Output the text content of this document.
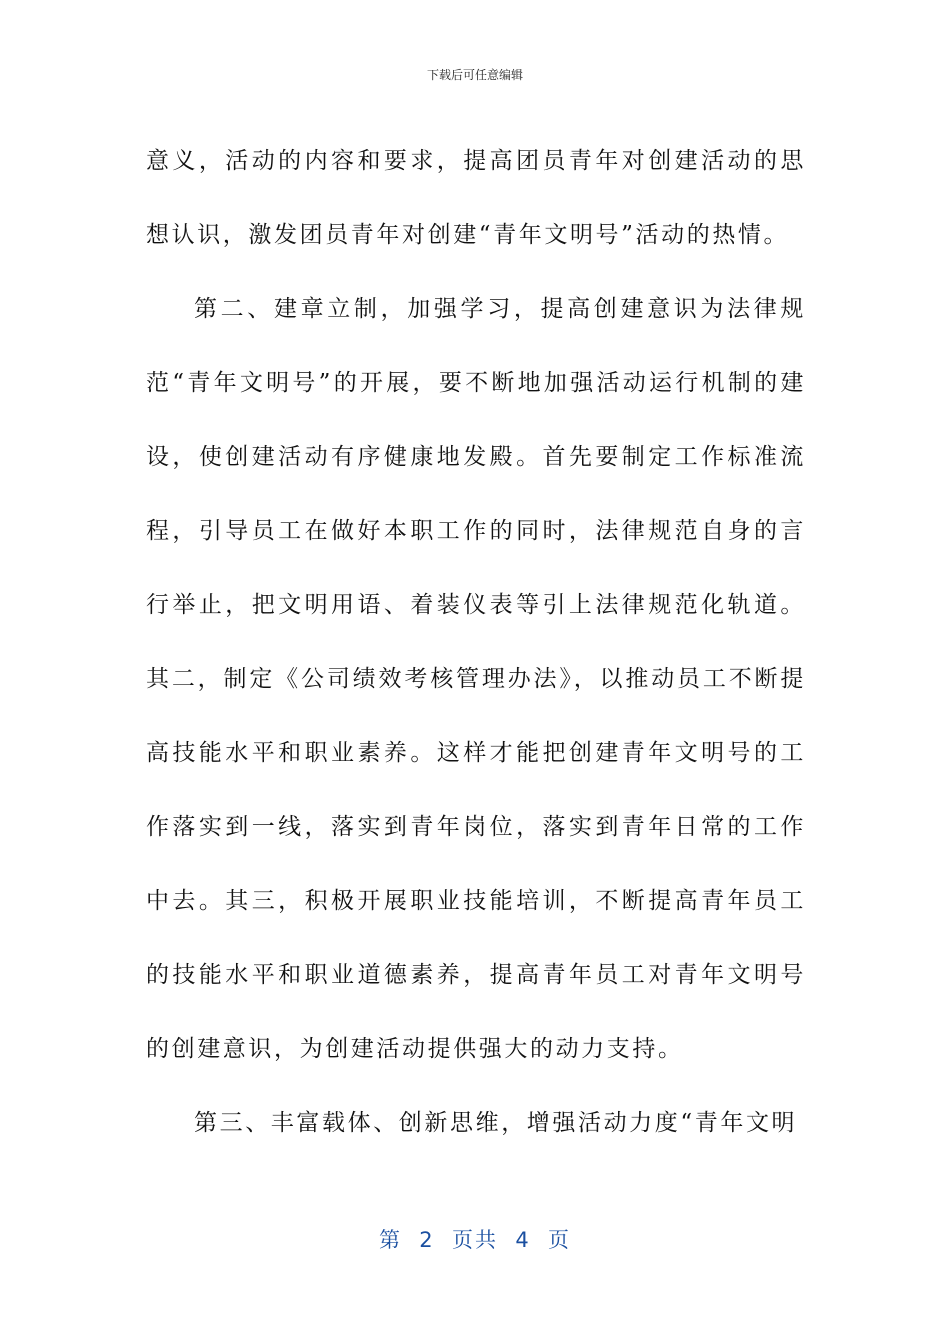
下载后可任意编辑

意义，活动的内容和要求，提高团员青年对创建活动的思想认识，激发团员青年对创建“青年文明号”活动的热情。

第二、建章立制，加强学习，提高创建意识为法律规范“青年文明号”的开展，要不断地加强活动运行机制的建设，使创建活动有序健康地发殿。首先要制定工作标准流程，引导员工在做好本职工作的同时，法律规范自身的言行举止，把文明用语、着装仪表等引上法律规范化轨道。其二，制定《公司绩效考核管理办法》，以推动员工不断提高技能水平和职业素养。这样才能把创建青年文明号的工作落实到一线，落实到青年岗位，落实到青年日常的工作中去。其三，积极开展职业技能培训，不断提高青年员工的技能水平和职业道德素养，提高青年员工对青年文明号的创建意识，为创建活动提供强大的动力支持。

第三、丰富载体、创新思维，增强活动力度“青年文明

第  2  页共  4  页
